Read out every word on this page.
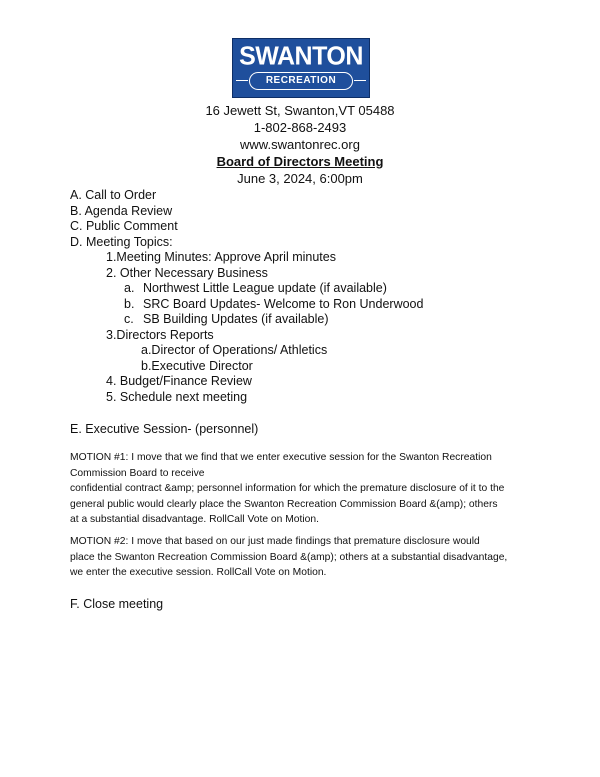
SWANTON
RECREATION
16 Jewett St, Swanton,VT 05488
1-802-868-2493
www.swantonrec.org
Board of Directors Meeting
June 3, 2024, 6:00pm
A. Call to Order
B. Agenda Review
C. Public Comment
D. Meeting Topics:
1.Meeting Minutes: Approve April minutes
2. Other Necessary Business
a. Northwest Little League update (if available)
b. SRC Board Updates- Welcome to Ron Underwood
c. SB Building Updates (if available)
3.Directors Reports
a.Director of Operations/ Athletics
b.Executive Director
4. Budget/Finance Review
5. Schedule next meeting
E. Executive Session- (personnel)
MOTION #1: I move that we find that we enter executive session for the Swanton Recreation
Commission Board to receive
confidential contract &amp; personnel information for which the premature disclosure of it to the
general public would clearly place the Swanton Recreation Commission Board &(amp); others
at a substantial disadvantage. RollCall Vote on Motion.
MOTION #2: I move that based on our just made findings that premature disclosure would
place the Swanton Recreation Commission Board &(amp); others at a substantial disadvantage,
we enter the executive session. RollCall Vote on Motion.
F. Close meeting
